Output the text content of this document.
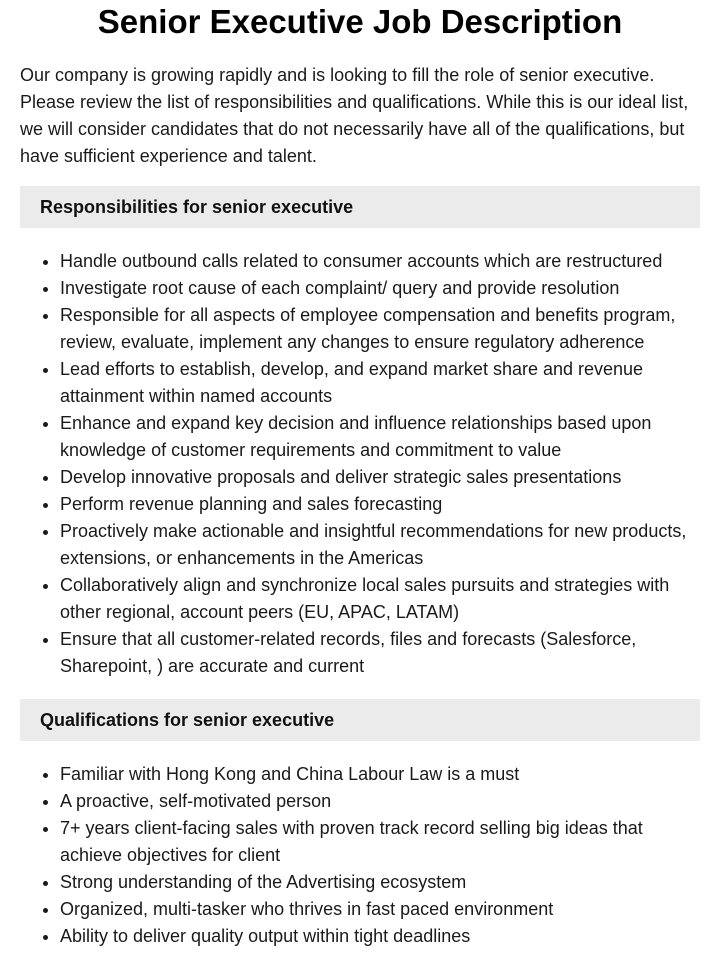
Senior Executive Job Description

Our company is growing rapidly and is looking to fill the role of senior executive. Please review the list of responsibilities and qualifications. While this is our ideal list, we will consider candidates that do not necessarily have all of the qualifications, but have sufficient experience and talent.

Responsibilities for senior executive
• Handle outbound calls related to consumer accounts which are restructured
• Investigate root cause of each complaint/ query and provide resolution
• Responsible for all aspects of employee compensation and benefits program, review, evaluate, implement any changes to ensure regulatory adherence
• Lead efforts to establish, develop, and expand market share and revenue attainment within named accounts
• Enhance and expand key decision and influence relationships based upon knowledge of customer requirements and commitment to value
• Develop innovative proposals and deliver strategic sales presentations
• Perform revenue planning and sales forecasting
• Proactively make actionable and insightful recommendations for new products, extensions, or enhancements in the Americas
• Collaboratively align and synchronize local sales pursuits and strategies with other regional, account peers (EU, APAC, LATAM)
• Ensure that all customer-related records, files and forecasts (Salesforce, Sharepoint, ) are accurate and current
Qualifications for senior executive
• Familiar with Hong Kong and China Labour Law is a must
• A proactive, self-motivated person
• 7+ years client-facing sales with proven track record selling big ideas that achieve objectives for client
• Strong understanding of the Advertising ecosystem
• Organized, multi-tasker who thrives in fast paced environment
• Ability to deliver quality output within tight deadlines
